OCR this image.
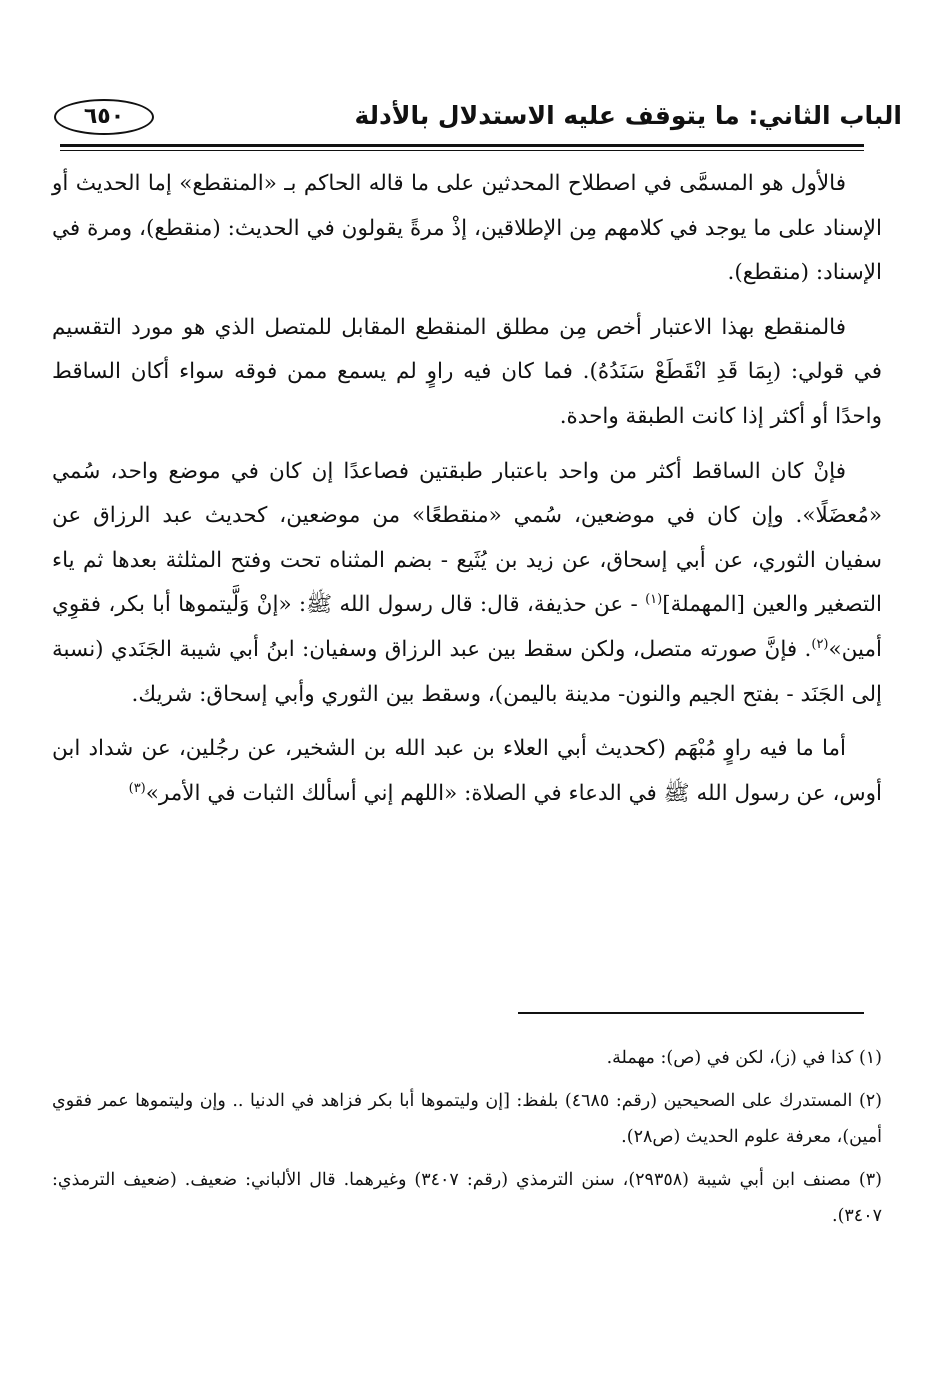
الباب الثاني: ما يتوقف عليه الاستدلال بالأدلة
٦٥٠

فالأول هو المسمَّى في اصطلاح المحدثين على ما قاله الحاكم بـ «المنقطع» إما الحديث أو الإسناد على ما يوجد في كلامهم مِن الإطلاقين، إذْ مرةً يقولون في الحديث: (منقطع)، ومرة في الإسناد: (منقطع).

فالمنقطع بهذا الاعتبار أخص مِن مطلق المنقطع المقابل للمتصل الذي هو مورد التقسيم في قولي: (بِمَا قَدِ انْقَطَعْ سَنَدُهُ). فما كان فيه راوٍ لم يسمع ممن فوقه سواء أكان الساقط واحدًا أو أكثر إذا كانت الطبقة واحدة.

فإنْ كان الساقط أكثر من واحد باعتبار طبقتين فصاعدًا إن كان في موضع واحد، سُمي «مُعضَلًا». وإن كان في موضعين، سُمي «منقطعًا» من موضعين، كحديث عبد الرزاق عن سفيان الثوري، عن أبي إسحاق، عن زيد بن يُثَيع - بضم المثناه تحت وفتح المثلثة بعدها ثم ياء التصغير والعين [المهملة]$^{(١)}$ - عن حذيفة، قال: قال رسول الله ﷺ: «إنْ وَلَّيتموها أبا بكر، فقوِي أمين»$^{(٢)}$. فإنَّ صورته متصل، ولكن سقط بين عبد الرزاق وسفيان: ابنُ أبي شيبة الجَنَدي (نسبة إلى الجَنَد - بفتح الجيم والنون- مدينة باليمن)، وسقط بين الثوري وأبي إسحاق: شريك.

أما ما فيه راوٍ مُبْهَم (كحديث أبي العلاء بن عبد الله بن الشخير، عن رجُلين، عن شداد ابن أوس، عن رسول الله ﷺ في الدعاء في الصلاة: «اللهم إني أسألك الثبات في الأمر»$^{(٣)}$

(١) كذا في (ز)، لكن في (ص): مهملة.

(٢) المستدرك على الصحيحين (رقم: ٤٦٨٥) بلفظ: [إن وليتموها أبا بكر فزاهد في الدنيا .. وإن وليتموها عمر فقوي أمين)، معرفة علوم الحديث (ص٢٨).

(٣) مصنف ابن أبي شيبة (٢٩٣٥٨)، سنن الترمذي (رقم: ٣٤٠٧) وغيرهما. قال الألباني: ضعيف. (ضعيف الترمذي: ٣٤٠٧).
